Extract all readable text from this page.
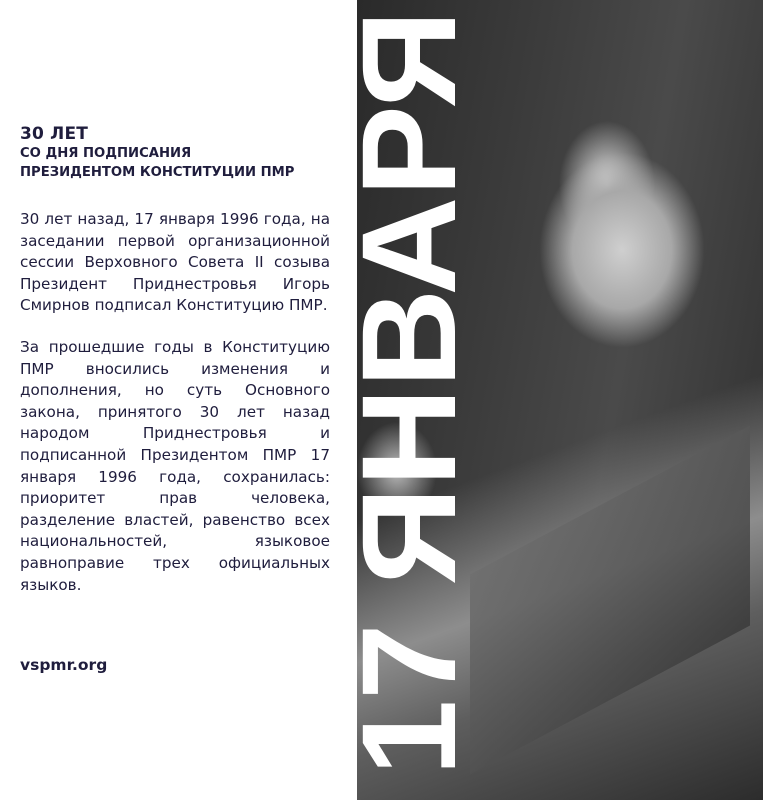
17 ЯНВАРЯ
30 ЛЕТ
СО ДНЯ ПОДПИСАНИЯ
ПРЕЗИДЕНТОМ КОНСТИТУЦИИ ПМР

30 лет назад, 17 января 1996 года, на заседании первой организационной сессии Верховного Совета II созыва Президент Приднестровья Игорь Смирнов подписал Конституцию ПМР.

За прошедшие годы в Конституцию ПМР вносились изменения и дополнения, но суть Основного закона, принятого 30 лет назад народом Приднестровья и подписанной Президентом ПМР 17 января 1996 года, сохранилась: приоритет прав человека, разделение властей, равенство всех национальностей, языковое равноправие трех официальных языков.

vspmr.org
